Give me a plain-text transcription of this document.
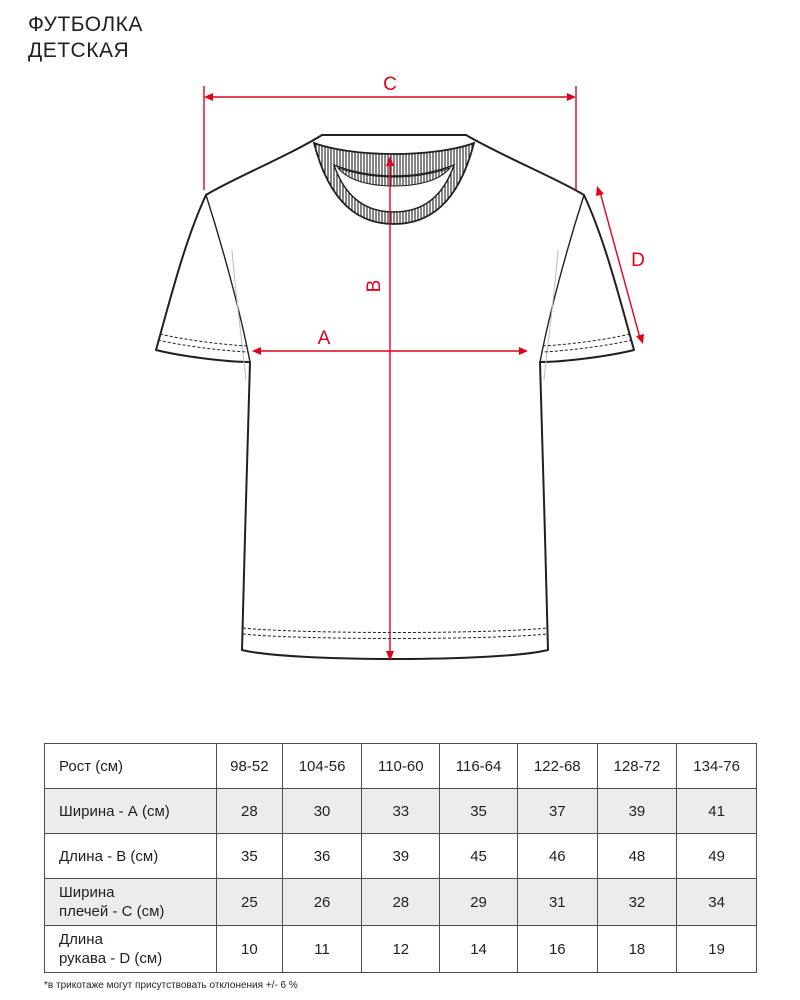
ФУТБОЛКА
ДЕТСКАЯ
C
B
A
D
Рост (см)	98-52	104-56	110-60	116-64	122-68	128-72	134-76
Ширина - А (см)	28	30	33	35	37	39	41
Длина - В (см)	35	36	39	45	46	48	49
Ширина
плечей - С (см)	25	26	28	29	31	32	34
Длина
рукава - D (см)	10	11	12	14	16	18	19
*в трикотаже могут присутствовать отклонения +/- 6 %
